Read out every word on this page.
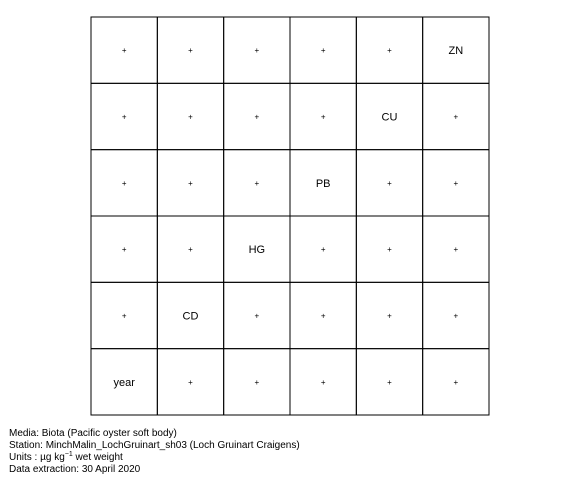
+	+	+	+	+	ZN
+	+	+	+	CU	+
+	+	+	PB	+	+
+	+	HG	+	+	+
+	CD	+	+	+	+
year	+	+	+	+	+
Media: Biota (Pacific oyster soft body)
Station: MinchMalin_LochGruinart_sh03 (Loch Gruinart Craigens)
Units : µg $kg^{-1}$ wet weight
Data extraction: 30 April 2020
